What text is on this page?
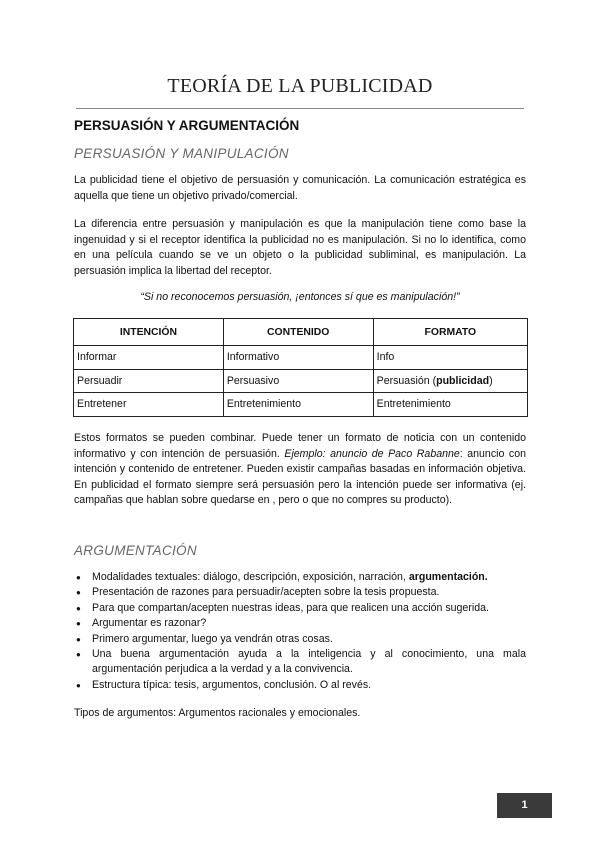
TEORÍA DE LA PUBLICIDAD
PERSUASIÓN Y ARGUMENTACIÓN
PERSUASIÓN Y MANIPULACIÓN
La publicidad tiene el objetivo de persuasión y comunicación. La comunicación estratégica es aquella que tiene un objetivo privado/comercial.
La diferencia entre persuasión y manipulación es que la manipulación tiene como base la ingenuidad y si el receptor identifica la publicidad no es manipulación. Si no lo identifica, como en una película cuando se ve un objeto o la publicidad subliminal, es manipulación. La persuasión implica la libertad del receptor.
“Si no reconocemos persuasión, ¡entonces sí que es manipulación!”
INTENCIÓN	CONTENIDO	FORMATO
Informar	Informativo	Info
Persuadir	Persuasivo	Persuasión (publicidad)
Entretener	Entretenimiento	Entretenimiento
Estos formatos se pueden combinar. Puede tener un formato de noticia con un contenido informativo y con intención de persuasión. Ejemplo: anuncio de Paco Rabanne: anuncio con intención y contenido de entretener. Pueden existir campañas basadas en información objetiva. En publicidad el formato siempre será persuasión pero la intención puede ser informativa (ej. campañas que hablan sobre quedarse en , pero o que no compres su producto).
ARGUMENTACIÓN
● Modalidades textuales: diálogo, descripción, exposición, narración, argumentación.
● Presentación de razones para persuadir/acepten sobre la tesis propuesta.
● Para que compartan/acepten nuestras ideas, para que realicen una acción sugerida.
● Argumentar es razonar?
● Primero argumentar, luego ya vendrán otras cosas.
● Una buena argumentación ayuda a la inteligencia y al conocimiento, una mala argumentación perjudica a la verdad y a la convivencia.
● Estructura típica: tesis, argumentos, conclusión. O al revés.
Tipos de argumentos: Argumentos racionales y emocionales.
1
